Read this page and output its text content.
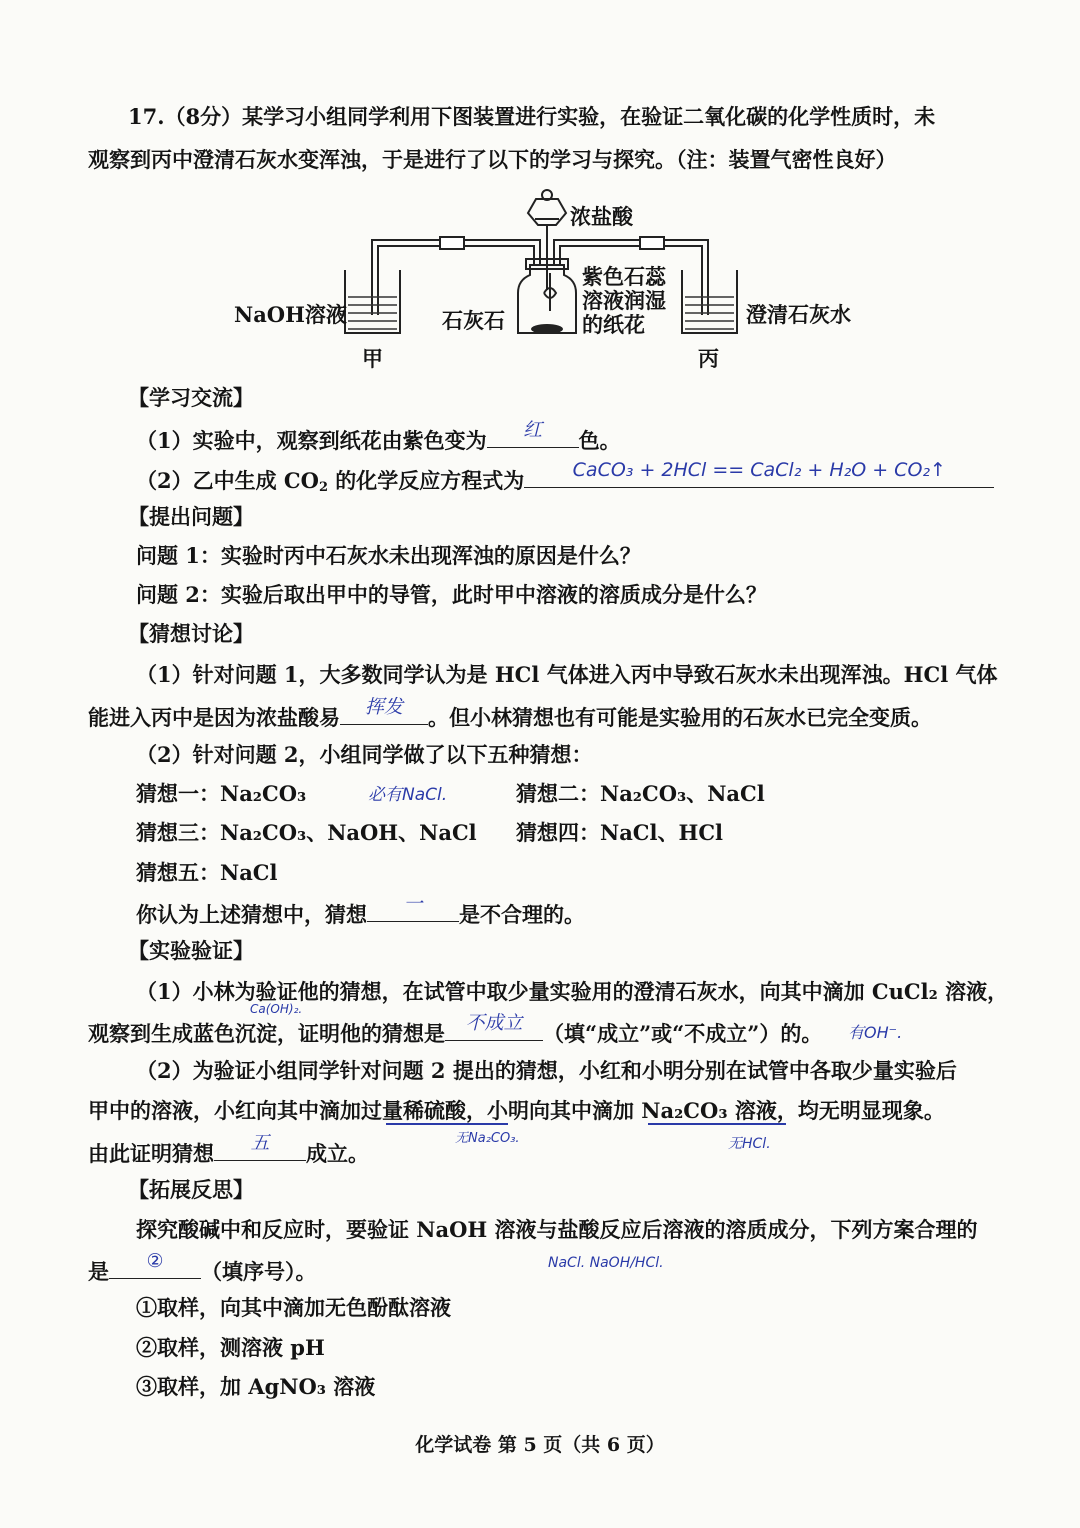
17.（8分）某学习小组同学利用下图装置进行实验，在验证二氧化碳的化学性质时，未
观察到丙中澄清石灰水变浑浊，于是进行了以下的学习与探究。（注：装置气密性良好）
浓盐酸
NaOH溶液	石灰石
紫色石蕊
溶液润湿
的纸花	澄清石灰水
甲	丙
【学习交流】
（1）实验中，观察到纸花由紫色变为	红	色。
（2）乙中生成 $CO_2$ 的化学反应方程式为	CaCO₃ + 2HCl == CaCl₂ + H₂O + CO₂↑
【提出问题】
问题 1：实验时丙中石灰水未出现浑浊的原因是什么？
问题 2：实验后取出甲中的导管，此时甲中溶液的溶质成分是什么？
【猜想讨论】
（1）针对问题 1，大多数同学认为是 HCl 气体进入丙中导致石灰水未出现浑浊。HCl 气体
能进入丙中是因为浓盐酸易	挥发	。但小林猜想也有可能是实验用的石灰水已完全变质。
（2）针对问题 2，小组同学做了以下五种猜想：
猜想一：Na₂CO₃	必有NaCl.	猜想二：Na₂CO₃、NaCl
猜想三：Na₂CO₃、NaOH、NaCl 猜想四：NaCl、HCl
猜想五：NaCl
你认为上述猜想中，猜想	一	是不合理的。
【实验验证】
（1）小林为验证他的猜想，在试管中取少量实验用的澄清石灰水，向其中滴加 CuCl₂ 溶液，
Ca(OH)₂.
观察到生成蓝色沉淀，证明他的猜想是	不成立 （填“成立”或“不成立”）的。 有OH⁻.
（2）为验证小组同学针对问题 2 提出的猜想，小红和小明分别在试管中各取少量实验后
甲中的溶液，小红向其中滴加过量稀硫酸，小明向其中滴加 Na₂CO₃ 溶液，均无明显现象。
无Na₂CO₃.	无HCl.
由此证明猜想	五	成立。
【拓展反思】
探究酸碱中和反应时，要验证 NaOH 溶液与盐酸反应后溶液的溶质成分，下列方案合理的
是	②	（填序号）。	NaCl. NaOH/HCl.
①取样，向其中滴加无色酚酞溶液
②取样，测溶液 pH
③取样，加 AgNO₃ 溶液
化学试卷 第 5 页（共 6 页）
